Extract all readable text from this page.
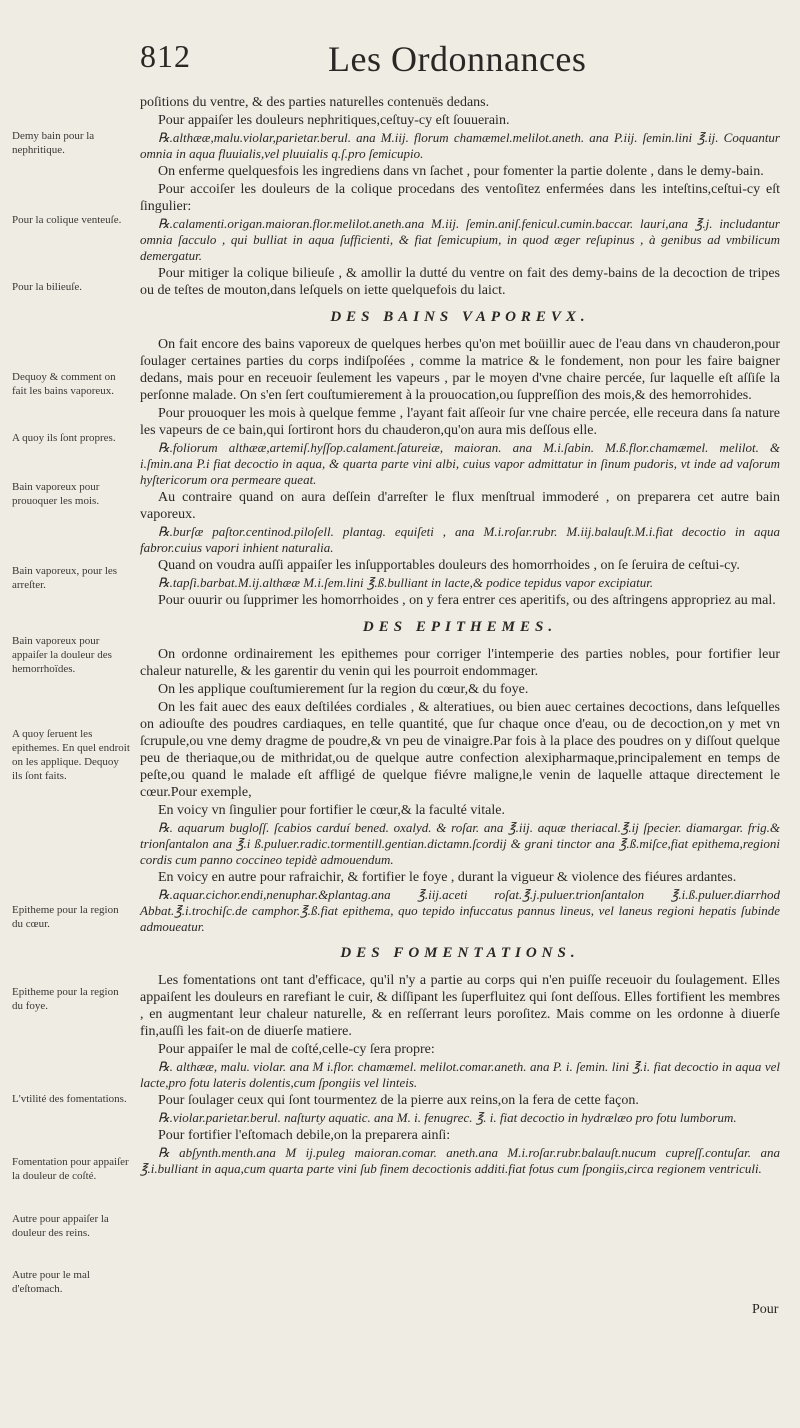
812	Les Ordonnances
Demy bain pour la nephritique.
Pour la colique venteuſe.
Pour la bilieuſe.
Dequoy & comment on fait les bains vaporeux.
A quoy ils ſont propres.
Bain vaporeux pour prouoquer les mois.
Bain vaporeux, pour les arreſter.
Bain vaporeux pour appaiſer la douleur des hemorrhoïdes.
A quoy ſeruent les epithemes. En quel endroit on les applique. Dequoy ils ſont faits.
Epitheme pour la region du cœur.
Epitheme pour la region du foye.
L'vtilité des fomentations.
Fomentation pour appaiſer la douleur de coſté.
Autre pour appaiſer la douleur des reins.
Autre pour le mal d'eſtomach.
poſitions du ventre, & des parties naturelles contenuës dedans.
Pour appaiſer les douleurs nephritiques,ceſtuy-cy eſt ſouuerain.
℞.althææ,malu.violar,parietar.berul. ana M.iij. florum chamæmel.melilot.aneth. ana P.iij. ſemin.lini ℥.ij. Coquantur omnia in aqua fluuialis,vel pluuialis q.ſ.pro ſemicupio.
On enferme quelquesfois les ingrediens dans vn ſachet , pour fomenter la partie dolente , dans le demy-bain.
Pour accoiſer les douleurs de la colique procedans des ventoſitez enfermées dans les inteſtins,ceſtui-cy eſt ſingulier:
℞.calamenti.origan.maioran.flor.melilot.aneth.ana M.iij. ſemin.aniſ.fenicul.cumin.baccar. lauri,ana ℥.j. includantur omnia ſacculo , qui bulliat in aqua ſufficienti, & fiat ſemicupium, in quod æger reſupinus , à genibus ad vmbilicum demergatur.
Pour mitiger la colique bilieuſe , & amollir la dutté du ventre on fait des demy-bains de la decoction de tripes ou de teſtes de mouton,dans leſquels on iette quelquefois du laict.
DES BAINS VAPOREVX.
On fait encore des bains vaporeux de quelques herbes qu'on met boüillir auec de l'eau dans vn chauderon,pour ſoulager certaines parties du corps indiſpoſées , comme la matrice & le fondement, non pour les faire baigner dedans, mais pour en receuoir ſeulement les vapeurs , par le moyen d'vne chaire percée, ſur laquelle eſt aſſiſe la perſonne malade. On s'en ſert couſtumierement à la prouocation,ou ſuppreſſion des mois,& des hemorrohides.
Pour prouoquer les mois à quelque femme , l'ayant fait aſſeoir ſur vne chaire percée, elle receura dans ſa nature les vapeurs de ce bain,qui ſortiront hors du chauderon,qu'on aura mis deſſous elle.
℞.foliorum althææ,artemiſ.hyſſop.calament.ſatureiæ, maioran. ana M.i.ſabin. M.ß.flor.chamæmel. melilot. & i.ſmin.ana P.i fiat decoctio in aqua, & quarta parte vini albi, cuius vapor admittatur in ſinum pudoris, vt inde ad vaſorum hyſtericorum ora permeare queat.
Au contraire quand on aura deſſein d'arreſter le flux menſtrual immoderé , on preparera cet autre bain vaporeux.
℞.burſæ paſtor.centinod.piloſell. plantag. equiſeti , ana M.i.roſar.rubr. M.iij.balauſt.M.i.fiat decoctio in aqua fabror.cuius vapori inhient naturalia.
Quand on voudra auſſi appaiſer les inſupportables douleurs des homorrhoides , on ſe ſeruira de ceſtui-cy.
℞.tapſi.barbat.M.ij.althææ M.i.ſem.lini ℥.ß.bulliant in lacte,& podice tepidus vapor excipiatur.
Pour ouurir ou ſupprimer les homorrhoides , on y fera entrer ces aperitifs, ou des aſtringens appropriez au mal.
DES EPITHEMES.
On ordonne ordinairement les epithemes pour corriger l'intemperie des parties nobles, pour fortifier leur chaleur naturelle, & les garentir du venin qui les pourroit endommager.
On les applique couſtumierement ſur la region du cœur,& du foye.
On les fait auec des eaux deſtilées cordiales , & alteratiues, ou bien auec certaines decoctions, dans leſquelles on adiouſte des poudres cardiaques, en telle quantité, que ſur chaque once d'eau, ou de decoction,on y met vn ſcrupule,ou vne demy dragme de poudre,& vn peu de vinaigre.Par fois à la place des poudres on y diſſout quelque peu de theriaque,ou de mithridat,ou de quelque autre confection alexipharmaque,principalement en temps de peſte,ou quand le malade eſt affligé de quelque fiévre maligne,le venin de laquelle attaque directement le cœur.Pour exemple,
En voicy vn ſingulier pour fortifier le cœur,& la faculté vitale.
℞. aquarum bugloſſ. ſcabios carduí bened. oxalyd. & roſar. ana ℥.iij. aquæ theriacal.℥.ij ſpecier. diamargar. frig.& trionſantalon ana ℥.i ß.puluer.radic.tormentill.gentian.dictamn.ſcordij & grani tinctor ana ℥.ß.miſce,fiat epithema,regioni cordis cum panno coccineo tepidè admouendum.
En voicy en autre pour rafraichir, & fortifier le foye , durant la vigueur & violence des fiéures ardantes.
℞.aquar.cichor.endi,nenuphar.&plantag.ana ℥.iij.aceti roſat.℥.j.puluer.trionſantalon ℥.i.ß.puluer.diarrhod Abbat.℥.i.trochiſc.de camphor.℥.ß.fiat epithema, quo tepido infuccatus pannus lineus, vel laneus regioni hepatis ſubinde admoueatur.
DES FOMENTATIONS.
Les fomentations ont tant d'efficace, qu'il n'y a partie au corps qui n'en puiſſe receuoir du ſoulagement. Elles appaiſent les douleurs en rarefiant le cuir, & diſſipant les ſuperfluitez qui ſont deſſous. Elles fortifient les membres , en augmentant leur chaleur naturelle, & en reſſerrant leurs poroſitez. Mais comme on les ordonne à diuerſe fin,auſſi les fait-on de diuerſe matiere.
Pour appaiſer le mal de coſté,celle-cy ſera propre:
℞. althææ, malu. violar. ana M i.flor. chamæmel. melilot.comar.aneth. ana P. i. ſemin. lini ℥.i. fiat decoctio in aqua vel lacte,pro fotu lateris dolentis,cum ſpongiis vel linteis.
Pour ſoulager ceux qui ſont tourmentez de la pierre aux reins,on la fera de cette façon.
℞.violar.parietar.berul. naſturty aquatic. ana M. i. fenugrec. ℥. i. fiat decoctio in hydrælæo pro fotu lumborum.
Pour fortifier l'eſtomach debile,on la preparera ainſi:
℞ abſynth.menth.ana M ij.puleg maioran.comar. aneth.ana M.i.roſar.rubr.balauſt.nucum cupreſſ.contuſar. ana ℥.i.bulliant in aqua,cum quarta parte vini ſub finem decoctionis additi.fiat fotus cum ſpongiis,circa regionem ventriculi.
Pour
